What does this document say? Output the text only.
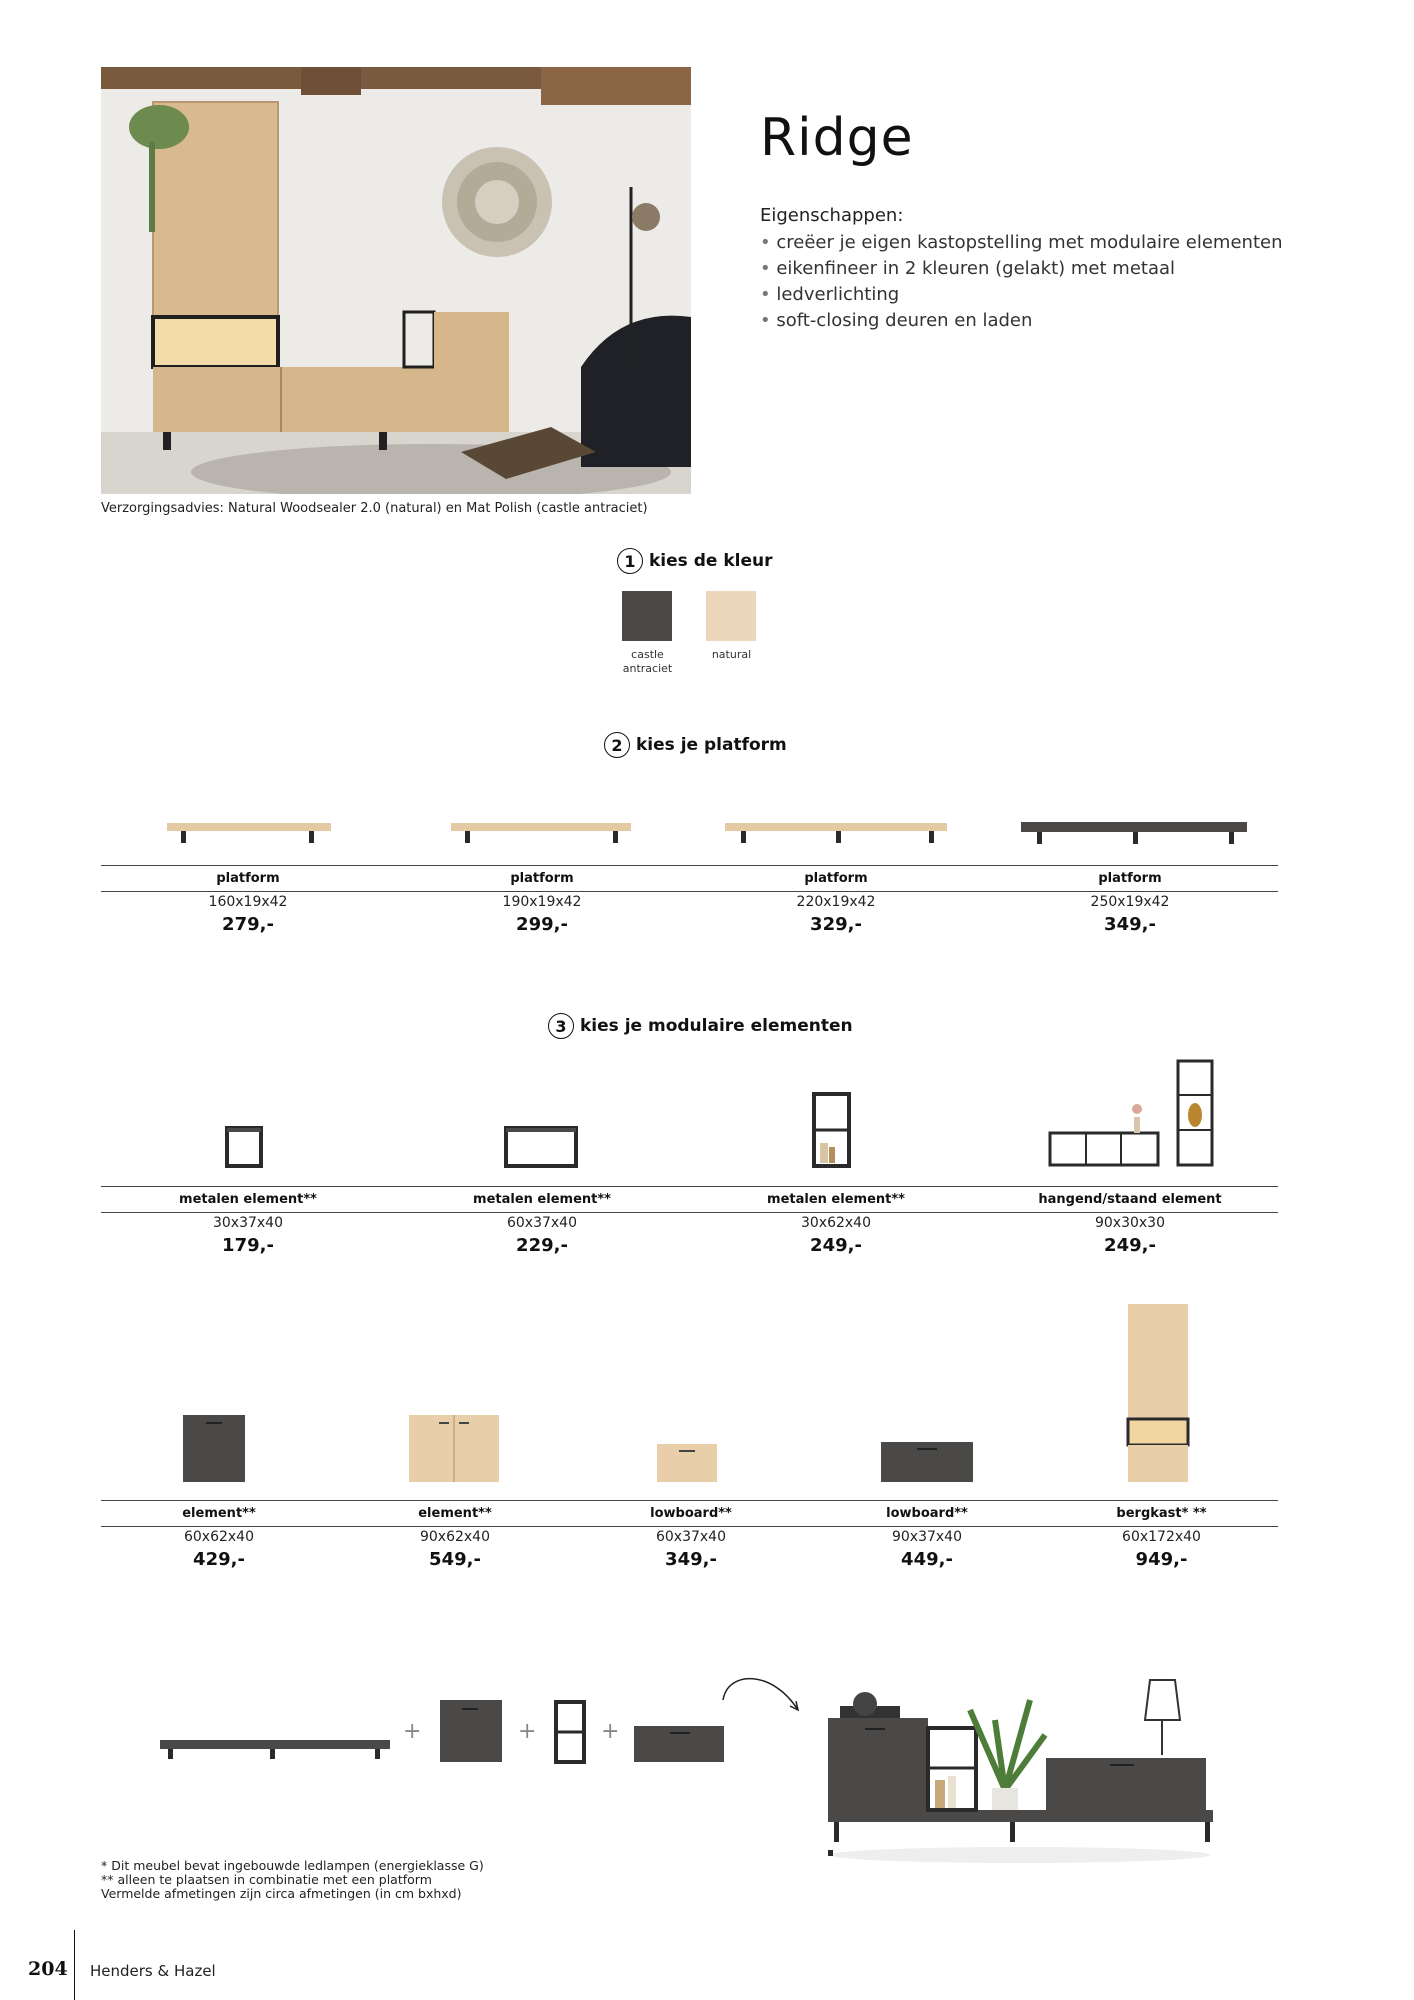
Verzorgingsadvies: Natural Woodsealer 2.0 (natural) en Mat Polish (castle antraciet)
Ridge
Eigenschappen:
• creëer je eigen kastopstelling met modulaire elementen
• eikenfineer in 2 kleuren (gelakt) met metaal
• ledverlichting
• soft-closing deuren en laden
1 kies de kleur
castle
antraciet
natural
2 kies je platform
platform
160x19x42
279,-
platform
190x19x42
299,-
platform
220x19x42
329,-
platform
250x19x42
349,-
3 kies je modulaire elementen
metalen element**
30x37x40
179,-
metalen element**
60x37x40
229,-
metalen element**
30x62x40
249,-
hangend/staand element
90x30x30
249,-
element**
60x62x40
429,-
element**
90x62x40
549,-
lowboard**
60x37x40
349,-
lowboard**
90x37x40
449,-
bergkast* **
60x172x40
949,-
+	+	+
* Dit meubel bevat ingebouwde ledlampen (energieklasse G)
** alleen te plaatsen in combinatie met een platform
Vermelde afmetingen zijn circa afmetingen (in cm bxhxd)
204 Henders & Hazel
